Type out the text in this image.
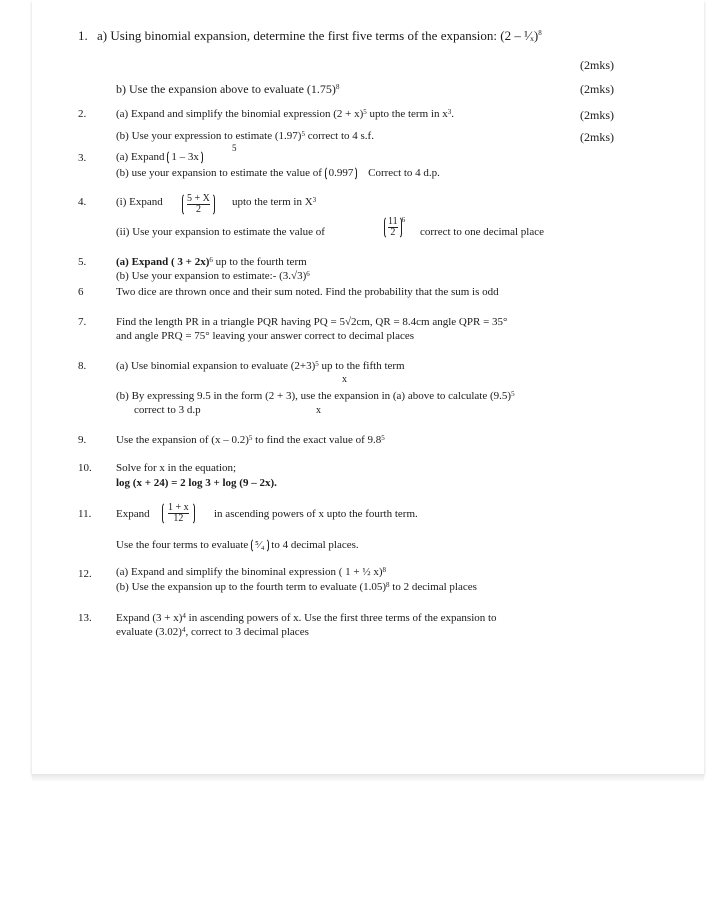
1. a) Using binomial expansion, determine the first five terms of the expansion: (2 – ¹⁄ₓ)$^8$
(2mks)
b) Use the expansion above to evaluate $(1.75)^8$	(2mks)
2.	(a) Expand and simplify the binomial expression $(2 + x)^5$ upto the term in $x^3$.	(2mks)
(b) Use your expression to estimate $(1.97)^5$ correct to 4 s.f.	(2mks)
3.	(a) Expand 1 – 3x
5
(b) use your expansion to estimate the value of 0.997 Correct to 4 d.p.
4.	(i) Expand $\frac{5 + X}{2}$ upto the term in $X^3$
(ii) Use your expansion to estimate the value of	$\frac{11}{2} ^6$
correct to one decimal place
5.	(a) Expand ( 3 + 2x)$^6$ up to the fourth term
(b) Use your expansion to estimate:- $(3.√3)^6$
6	Two dice are thrown once and their sum noted. Find the probability that the sum is odd
7.	Find the length PR in a triangle PQR having PQ = 5√2cm, QR = 8.4cm angle QPR = 35°
and angle PRQ = 75° leaving your answer correct to decimal places
8.	(a) Use binomial expansion to evaluate $(2+3)^5$ up to the fifth term
x
(b) By expressing 9.5 in the form (2 + 3), use the expansion in (a) above to calculate $(9.5)^5$
correct to 3 d.p	x
9.	Use the expansion of (x – 0.2)$^5$ to find the exact value of $9.8^5$
10. Solve for x in the equation;
log (x + 24) = 2 log 3 + log (9 – 2x).
11. Expand $\frac{1 + x}{12}$ in ascending powers of x upto the fourth term.
Use the four terms to evaluate ⁵⁄₄ to 4 decimal places.
12. (a) Expand and simplify the binominal expression ( 1 + ½ x)$^8$
(b) Use the expansion up to the fourth term to evaluate $(1.05)^8$ to 2 decimal places
13. Expand $(3 + x)^4$ in ascending powers of x. Use the first three terms of the expansion to
evaluate $(3.02)^4$, correct to 3 decimal places
